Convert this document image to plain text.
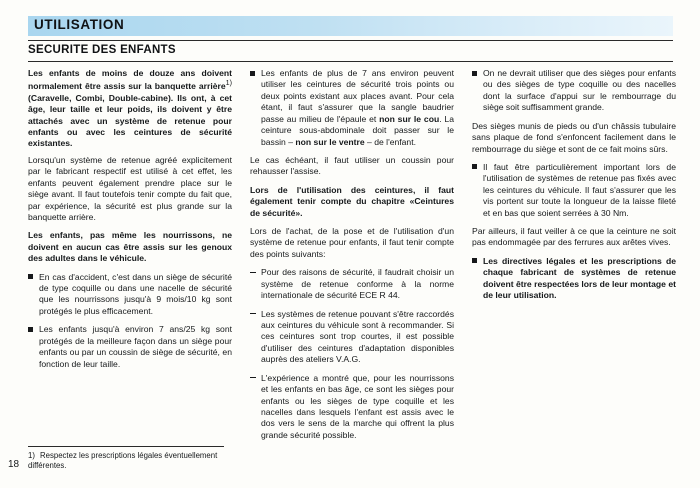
UTILISATION
SECURITE DES ENFANTS

Les enfants de moins de douze ans doivent normalement être assis sur la banquette arrière$^{1)}$ (Caravelle, Combi, Double-cabine). Ils ont, à cet âge, leur taille et leur poids, ils doivent y être attachés avec un système de retenue pour enfants ou avec les ceintures de sécurité existantes.

Lorsqu'un système de retenue agréé explicitement par le fabricant respectif est utilisé à cet effet, les enfants peuvent également prendre place sur le siège avant. Il faut toutefois tenir compte du fait que, par expérience, la sécurité est plus grande sur la banquette arrière.

Les enfants, pas même les nourrissons, ne doivent en aucun cas être assis sur les genoux des adultes dans le véhicule.

En cas d'accident, c'est dans un siège de sécurité de type coquille ou dans une nacelle de sécurité que les nourrissons jusqu'à 9 mois/10 kg sont protégés le plus efficacement.

Les enfants jusqu'à environ 7 ans/25 kg sont protégés de la meilleure façon dans un siège pour enfants ou par un coussin de siège de sécurité, en fonction de leur taille.

Les enfants de plus de 7 ans environ peuvent utiliser les ceintures de sécurité trois points ou deux points existant aux places avant. Pour cela étant, il faut s'assurer que la sangle baudrier passe au milieu de l'épaule et non sur le cou. La ceinture sous-abdominale doit passer sur le bassin – non sur le ventre – de l'enfant.

Le cas échéant, il faut utiliser un coussin pour rehausser l'assise.

Lors de l'utilisation des ceintures, il faut également tenir compte du chapitre «Ceintures de sécurité».

Lors de l'achat, de la pose et de l'utilisation d'un système de retenue pour enfants, il faut tenir compte des points suivants:

Pour des raisons de sécurité, il faudrait choisir un système de retenue conforme à la norme internationale de sécurité ECE R 44.

Les systèmes de retenue pouvant s'être raccordés aux ceintures du véhicule sont à recommander. Si ces ceintures sont trop courtes, il est possible d'utiliser des ceintures d'adaptation disponibles auprès des ateliers V.A.G.

L'expérience a montré que, pour les nourrissons et les enfants en bas âge, ce sont les sièges pour enfants ou les sièges de type coquille et les nacelles dans lesquels l'enfant est assis avec le dos vers le sens de la marche qui offrent la plus grande sécurité possible.

On ne devrait utiliser que des sièges pour enfants ou des sièges de type coquille ou des nacelles dont la surface d'appui sur le rembourrage du siège soit suffisamment grande.

Des sièges munis de pieds ou d'un châssis tubulaire sans plaque de fond s'enfoncent facilement dans le rembourrage du siège et sont de ce fait moins sûrs.

Il faut être particulièrement important lors de l'utilisation de systèmes de retenue pas fixés avec les ceintures du véhicule. Il faut s'assurer que les vis portent sur toute la longueur de la laisse fileté et en bas que soient serrées à 30 Nm.

Par ailleurs, il faut veiller à ce que la ceinture ne soit pas endommagée par des ferrures aux arêtes vives.

Les directives légales et les prescriptions de chaque fabricant de systèmes de retenue doivent être respectées lors de leur montage et de leur utilisation.

1) Respectez les prescriptions légales éventuellement différentes.
18
